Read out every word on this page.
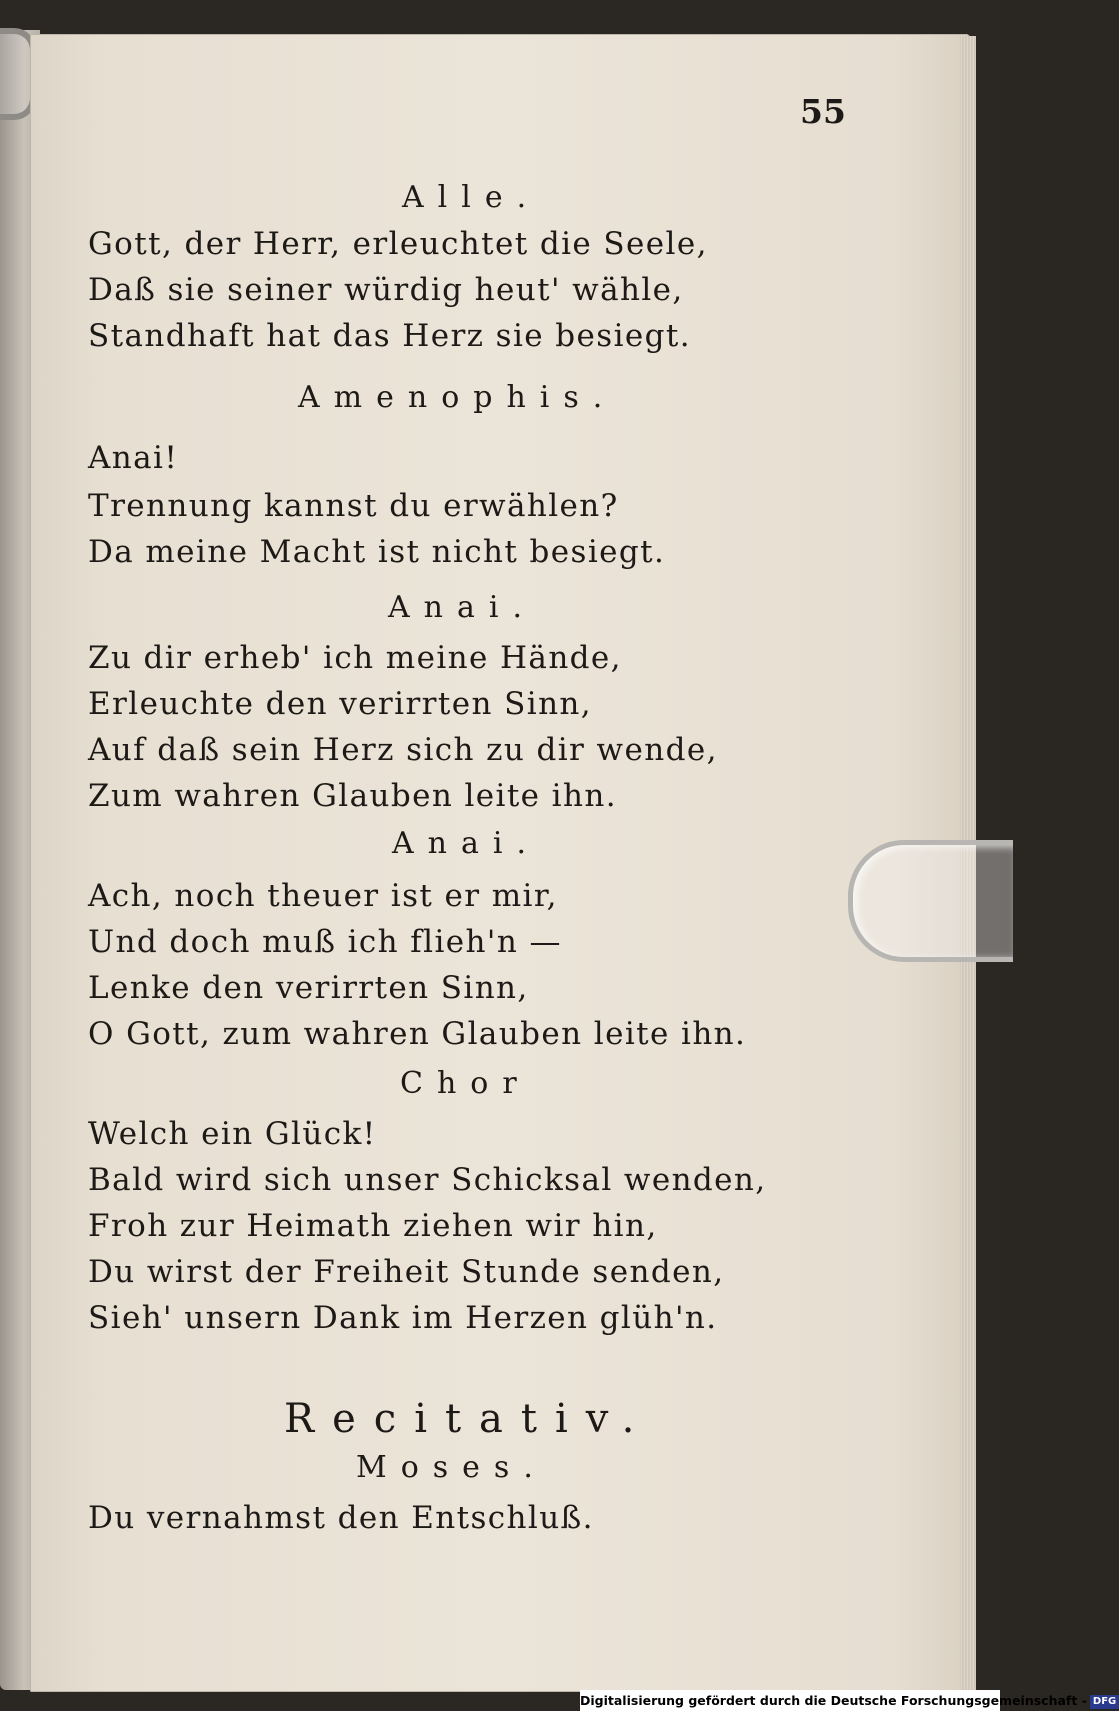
55
Alle.
Gott, der Herr, erleuchtet die Seele,
Daß sie seiner würdig heut' wähle,
Standhaft hat das Herz sie besiegt.
Amenophis.
Anai!
Trennung kannst du erwählen?
Da meine Macht ist nicht besiegt.
Anai.
Zu dir erheb' ich meine Hände,
Erleuchte den verirrten Sinn,
Auf daß sein Herz sich zu dir wende,
Zum wahren Glauben leite ihn.
Anai.
Ach, noch theuer ist er mir,
Und doch muß ich flieh'n —
Lenke den verirrten Sinn,
O Gott, zum wahren Glauben leite ihn.
Chor
Welch ein Glück!
Bald wird sich unser Schicksal wenden,
Froh zur Heimath ziehen wir hin,
Du wirst der Freiheit Stunde senden,
Sieh' unsern Dank im Herzen glüh'n.
Recitativ.
Moses.
Du vernahmst den Entschluß.
Digitalisierung gefördert durch die Deutsche Forschungsgemeinschaft - DFG
